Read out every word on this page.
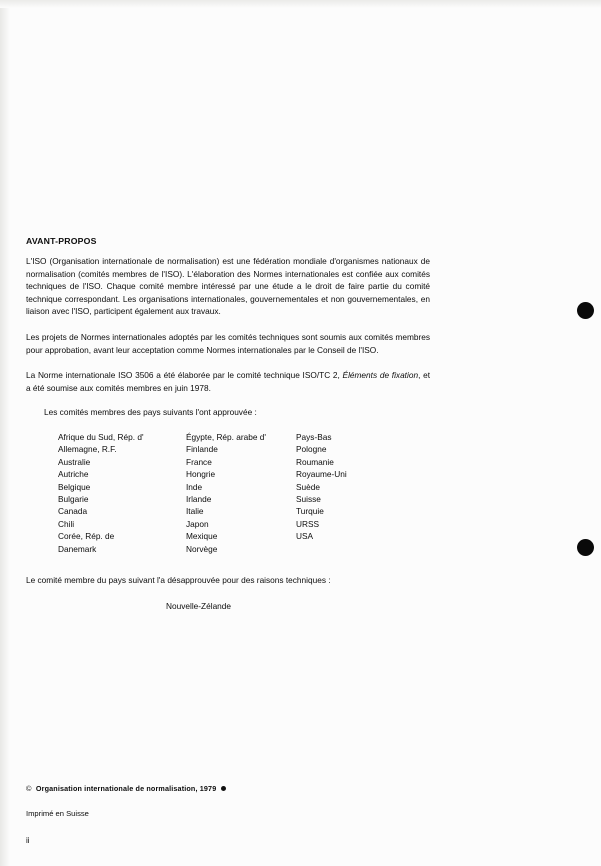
AVANT-PROPOS

L'ISO (Organisation internationale de normalisation) est une fédération mondiale d'organismes nationaux de normalisation (comités membres de l'ISO). L'élaboration des Normes internationales est confiée aux comités techniques de l'ISO. Chaque comité membre intéressé par une étude a le droit de faire partie du comité technique correspondant. Les organisations internationales, gouvernementales et non gouvernementales, en liaison avec l'ISO, participent également aux travaux.

Les projets de Normes internationales adoptés par les comités techniques sont soumis aux comités membres pour approbation, avant leur acceptation comme Normes internationales par le Conseil de l'ISO.

La Norme internationale ISO 3506 a été élaborée par le comité technique ISO/TC 2, Éléments de fixation, et a été soumise aux comités membres en juin 1978.

Les comités membres des pays suivants l'ont approuvée :

Afrique du Sud, Rép. d'	Égypte, Rép. arabe d'	Pays-Bas
Allemagne, R.F.	Finlande	Pologne
Australie	France	Roumanie
Autriche	Hongrie	Royaume-Uni
Belgique	Inde	Suède
Bulgarie	Irlande	Suisse
Canada	Italie	Turquie
Chili	Japon	URSS
Corée, Rép. de	Mexique	USA
Danemark	Norvège	

Le comité membre du pays suivant l'a désapprouvée pour des raisons techniques :

Nouvelle-Zélande

© Organisation internationale de normalisation, 1979

Imprimé en Suisse

ii
